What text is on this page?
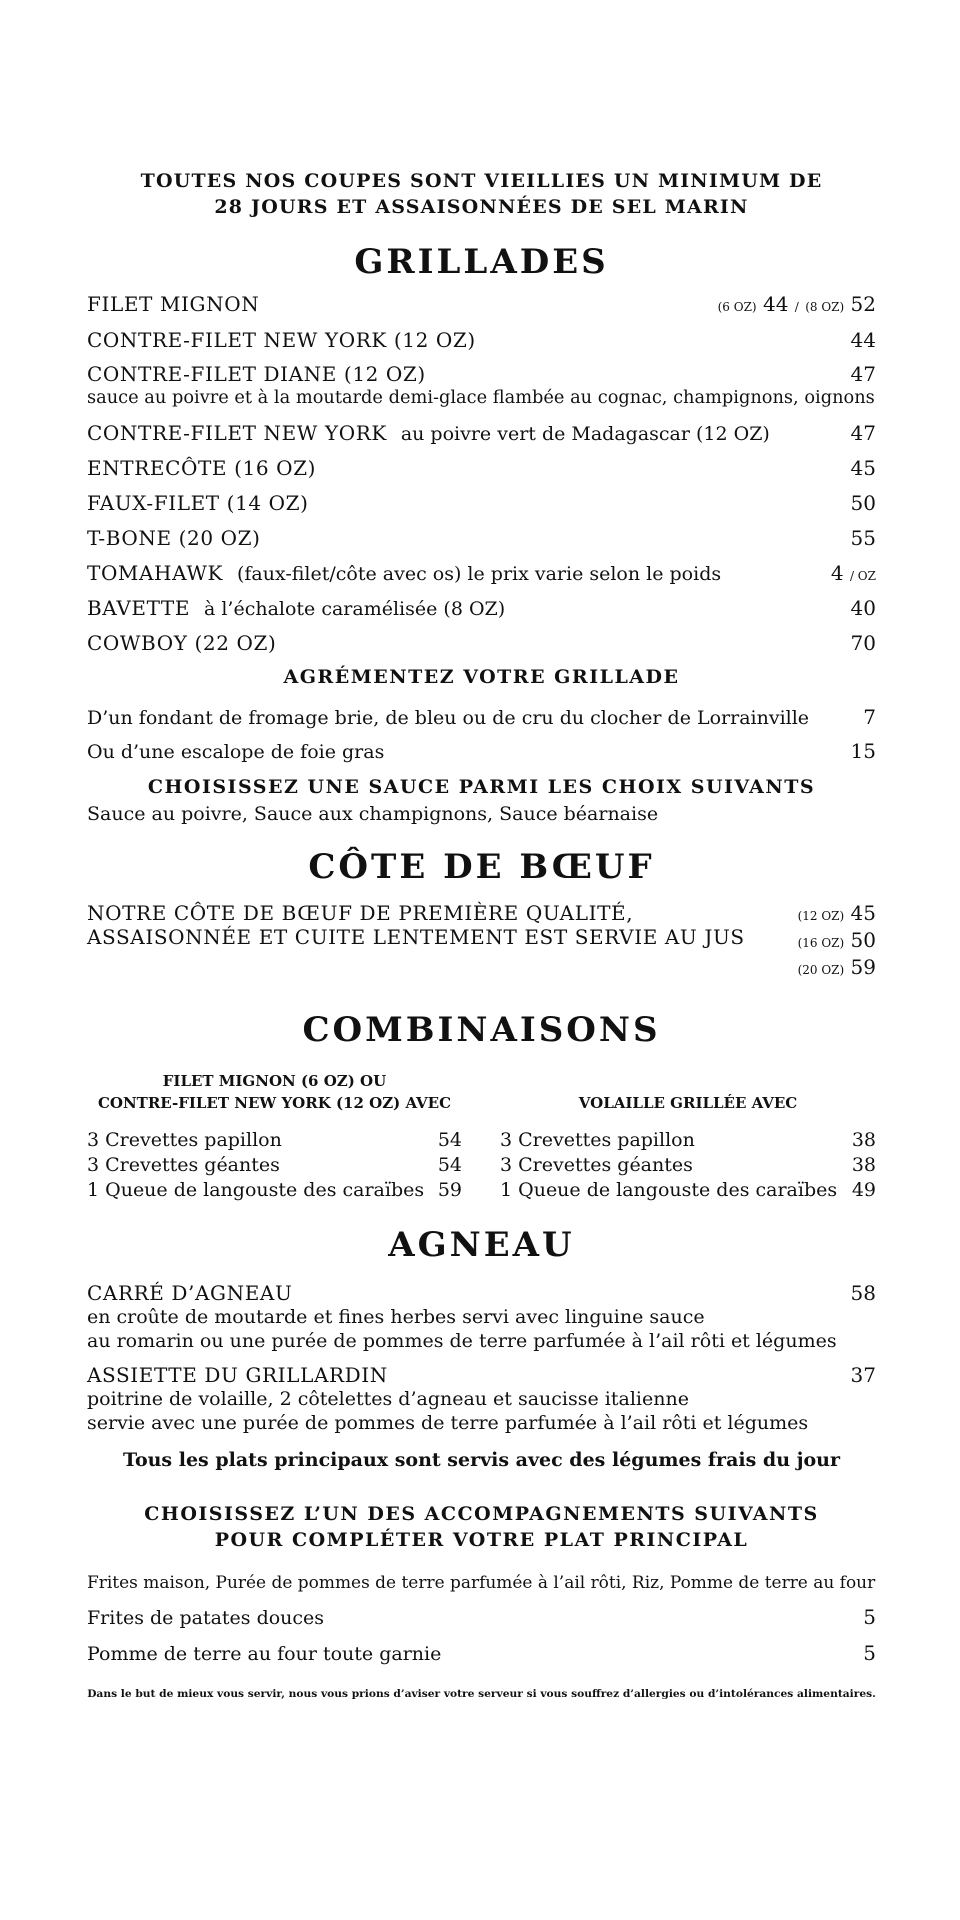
TOUTES NOS COUPES SONT VIEILLIES UN MINIMUM DE
28 JOURS ET ASSAISONNÉES DE SEL MARIN
GRILLADES
FILET MIGNON	(6 OZ) 44 / (8 OZ) 52
CONTRE-FILET NEW YORK (12 OZ)	44
CONTRE-FILET DIANE (12 OZ)	47
sauce au poivre et à la moutarde demi-glace flambée au cognac, champignons, oignons
CONTRE-FILET NEW YORK au poivre vert de Madagascar (12 OZ)	47
ENTRECÔTE (16 OZ)	45
FAUX-FILET (14 OZ)	50
T-BONE (20 OZ)	55
TOMAHAWK (faux-filet/côte avec os) le prix varie selon le poids	4 / OZ
BAVETTE à l’échalote caramélisée (8 OZ)	40
COWBOY (22 OZ)	70
AGRÉMENTEZ VOTRE GRILLADE
D’un fondant de fromage brie, de bleu ou de cru du clocher de Lorrainville	7
Ou d’une escalope de foie gras	15
CHOISISSEZ UNE SAUCE PARMI LES CHOIX SUIVANTS
Sauce au poivre, Sauce aux champignons, Sauce béarnaise
CÔTE DE BŒUF
NOTRE CÔTE DE BŒUF DE PREMIÈRE QUALITÉ,
ASSAISONNÉE ET CUITE LENTEMENT EST SERVIE AU JUS
(12 OZ) 45
(16 OZ) 50
(20 OZ) 59
COMBINAISONS
FILET MIGNON (6 OZ) OU
CONTRE-FILET NEW YORK (12 OZ) AVEC
3 Crevettes papillon	54
3 Crevettes géantes	54
1 Queue de langouste des caraïbes 59
VOLAILLE GRILLÉE AVEC
3 Crevettes papillon	38
3 Crevettes géantes	38
1 Queue de langouste des caraïbes 49
AGNEAU
CARRÉ D’AGNEAU	58
en croûte de moutarde et fines herbes servi avec linguine sauce
au romarin ou une purée de pommes de terre parfumée à l’ail rôti et légumes
ASSIETTE DU GRILLARDIN	37
poitrine de volaille, 2 côtelettes d’agneau et saucisse italienne
servie avec une purée de pommes de terre parfumée à l’ail rôti et légumes
Tous les plats principaux sont servis avec des légumes frais du jour
CHOISISSEZ L’UN DES ACCOMPAGNEMENTS SUIVANTS
POUR COMPLÉTER VOTRE PLAT PRINCIPAL
Frites maison, Purée de pommes de terre parfumée à l’ail rôti, Riz, Pomme de terre au four
Frites de patates douces	5
Pomme de terre au four toute garnie	5
Dans le but de mieux vous servir, nous vous prions d’aviser votre serveur si vous souffrez d’allergies ou d’intolérances alimentaires.
